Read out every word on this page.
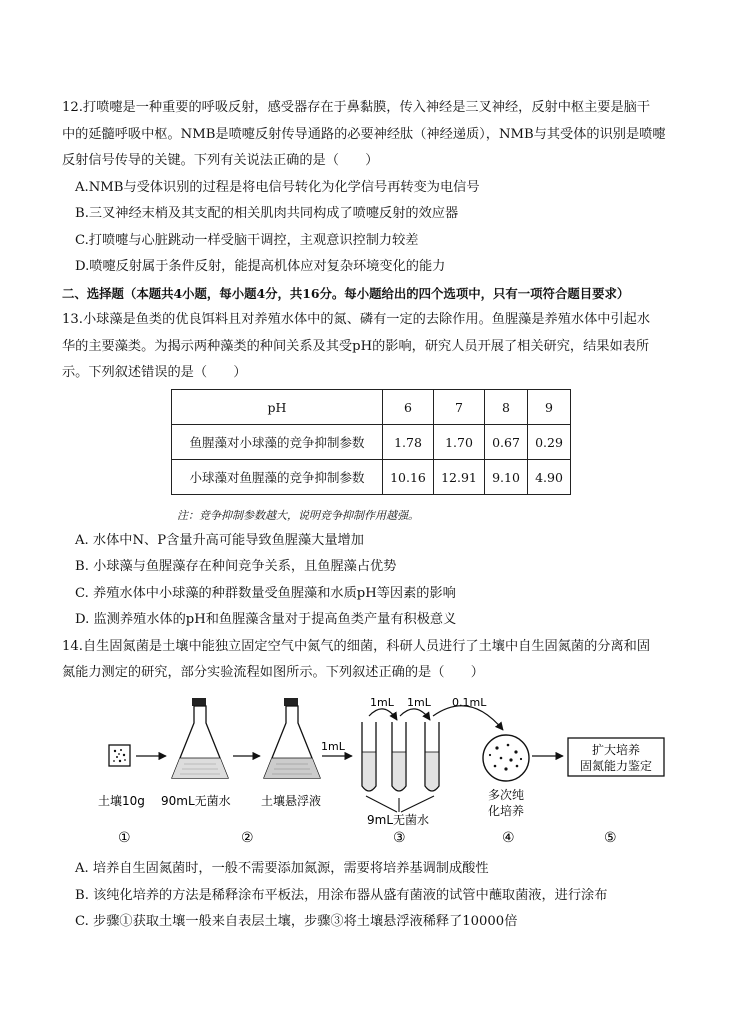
12.打喷嚏是一种重要的呼吸反射，感受器存在于鼻黏膜，传入神经是三叉神经，反射中枢主要是脑干
中的延髓呼吸中枢。NMB是喷嚏反射传导通路的必要神经肽（神经递质），NMB与其受体的识别是喷嚏
反射信号传导的关键。下列有关说法正确的是（　　）
A.NMB与受体识别的过程是将电信号转化为化学信号再转变为电信号
B.三叉神经末梢及其支配的相关肌肉共同构成了喷嚏反射的效应器
C.打喷嚏与心脏跳动一样受脑干调控，主观意识控制力较差
D.喷嚏反射属于条件反射，能提高机体应对复杂环境变化的能力
二、选择题（本题共4小题，每小题4分，共16分。每小题给出的四个选项中，只有一项符合题目要求）
13.小球藻是鱼类的优良饵料且对养殖水体中的氮、磷有一定的去除作用。鱼腥藻是养殖水体中引起水
华的主要藻类。为揭示两种藻类的种间关系及其受pH的影响，研究人员开展了相关研究，结果如表所
示。下列叙述错误的是（　　）
pH	6	7	8	9
鱼腥藻对小球藻的竞争抑制参数	1.78	1.70	0.67	0.29
小球藻对鱼腥藻的竞争抑制参数	10.16	12.91	9.10	4.90
注：竞争抑制参数越大，说明竞争抑制作用越强。
A. 水体中N、P含量升高可能导致鱼腥藻大量增加
B. 小球藻与鱼腥藻存在种间竞争关系，且鱼腥藻占优势
C. 养殖水体中小球藻的种群数量受鱼腥藻和水质pH等因素的影响
D. 监测养殖水体的pH和鱼腥藻含量对于提高鱼类产量有积极意义
14.自生固氮菌是土壤中能独立固定空气中氮气的细菌，科研人员进行了土壤中自生固氮菌的分离和固
氮能力测定的研究，部分实验流程如图所示。下列叙述正确的是（　　）
1mL
1mL 1mL 0.1mL
扩大培养
固氮能力鉴定
土壤10g 90mL无菌水	土壤悬浮液
9mL无菌水
多次纯
化培养
①	②	③	④	⑤
A. 培养自生固氮菌时，一般不需要添加氮源，需要将培养基调制成酸性
B. 该纯化培养的方法是稀释涂布平板法，用涂布器从盛有菌液的试管中蘸取菌液，进行涂布
C. 步骤①获取土壤一般来自表层土壤，步骤③将土壤悬浮液稀释了10000倍
